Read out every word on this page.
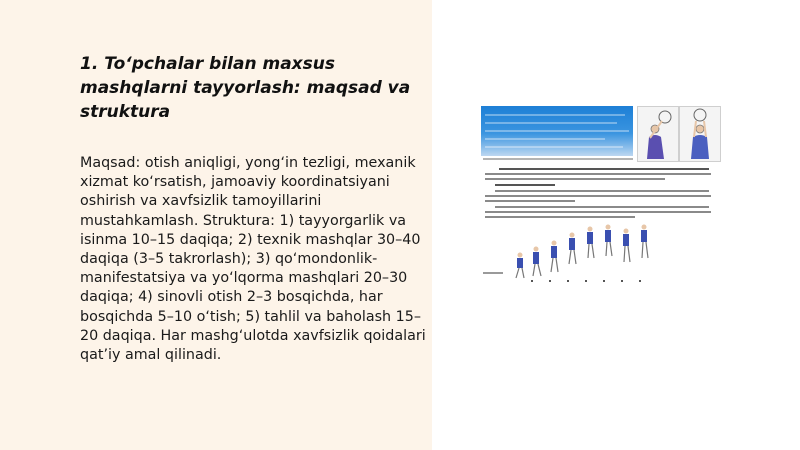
1. To‘pchalar bilan maxsus mashqlarni tayyorlash: maqsad va struktura

Maqsad: otish aniqligi, yong‘in tezligi, mexanik xizmat ko‘rsatish, jamoaviy koordinatsiyani oshirish va xavfsizlik tamoyillarini mustahkamlash. Struktura: 1) tayyorgarlik va isinma 10–15 daqiqa; 2) texnik mashqlar 30–40 daqiqa (3–5 takrorlash); 3) qo‘mondonlik-manifestatsiya va yo‘lqorma mashqlari 20–30 daqiqa; 4) sinovli otish 2–3 bosqichda, har bosqichda 5–10 o‘tish; 5) tahlil va baholash 15–20 daqiqa. Har mashg‘ulotda xavfsizlik qoidalari qat’iy amal qilinadi.
